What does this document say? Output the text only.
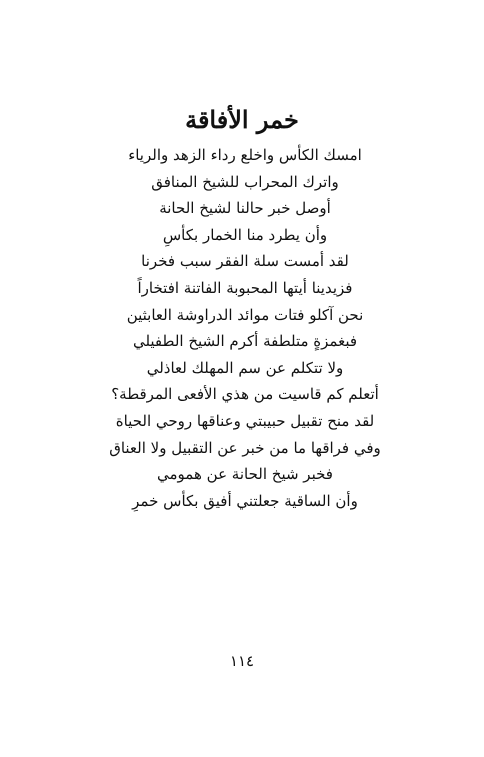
خمر الأفاقة
امسك الكأس واخلع رداء الزهد والرياء
واترك المحراب للشيخ المنافق
أوصل خبر حالنا لشيخ الحانة
وأن يطرد منا الخمار بكأسِ
لقد أمست سلة الفقر سبب فخرنا
فزيدينا أيتها المحبوبة الفاتنة افتخاراً
نحن آكلو فتات موائد الدراوشة العابثين
فبغمزةٍ متلطفة أكرم الشيخ الطفيلي
ولا تتكلم عن سم المهلك لعاذلي
أتعلم كم قاسيت من هذي الأفعى المرقطة؟
لقد منح تقبيل حبيبتي وعناقها روحي الحياة
وفي فراقها ما من خبر عن التقبيل ولا العناق
فخبر شيخ الحانة عن همومي
وأن الساقية جعلتني أفيق بكأس خمرِ
١١٤
